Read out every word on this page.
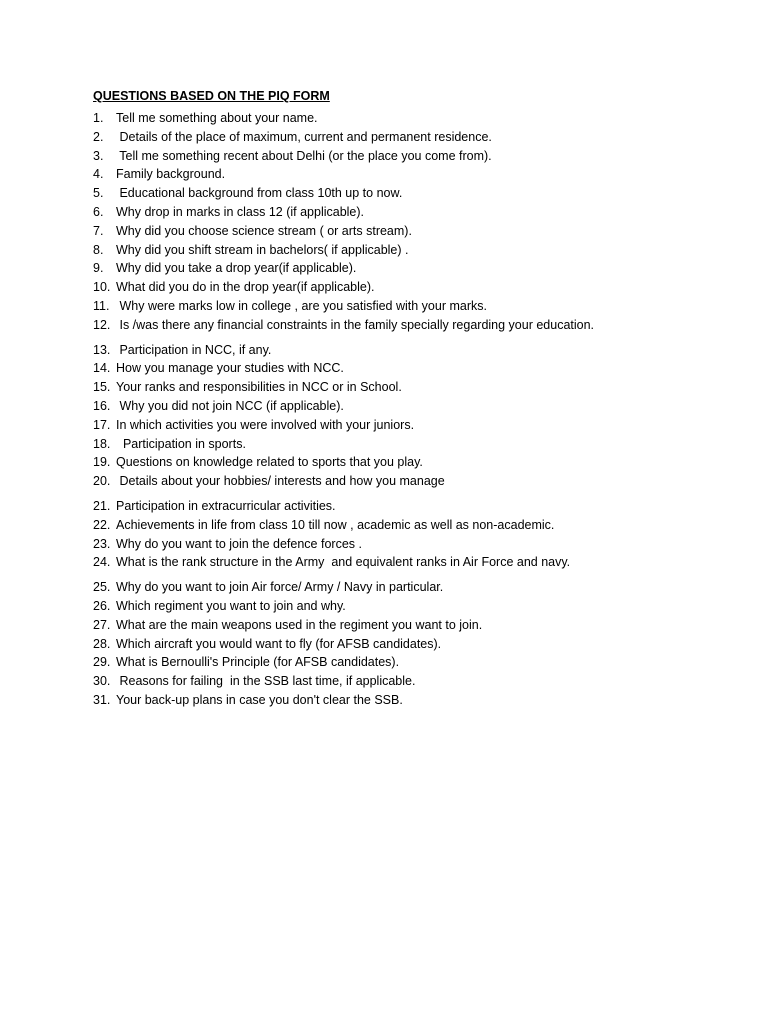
QUESTIONS BASED ON THE PIQ FORM
1.	Tell me something about your name.
2.	Details of the place of maximum, current and permanent residence.
3.	Tell me something recent about Delhi (or the place you come from).
4.	Family background.
5.	Educational background from class 10th up to now.
6.	Why drop in marks in class 12 (if applicable).
7.	Why did you choose science stream ( or arts stream).
8.	Why did you shift stream in bachelors( if applicable) .
9.	Why did you take a drop year(if applicable).
10. What did you do in the drop year(if applicable).
11. Why were marks low in college , are you satisfied with your marks.
12. Is /was there any financial constraints in the family specially regarding your education.
13. Participation in NCC, if any.
14. How you manage your studies with NCC.
15. Your ranks and responsibilities in NCC or in School.
16. Why you did not join NCC (if applicable).
17. In which activities you were involved with your juniors.
18. Participation in sports.
19. Questions on knowledge related to sports that you play.
20. Details about your hobbies/ interests and how you manage
21. Participation in extracurricular activities.
22. Achievements in life from class 10 till now , academic as well as non-academic.
23. Why do you want to join the defence forces .
24. What is the rank structure in the Army  and equivalent ranks in Air Force and navy.
25. Why do you want to join Air force/ Army / Navy in particular.
26. Which regiment you want to join and why.
27. What are the main weapons used in the regiment you want to join.
28. Which aircraft you would want to fly (for AFSB candidates).
29. What is Bernoulli's Principle (for AFSB candidates).
30. Reasons for failing  in the SSB last time, if applicable.
31. Your back-up plans in case you don't clear the SSB.
